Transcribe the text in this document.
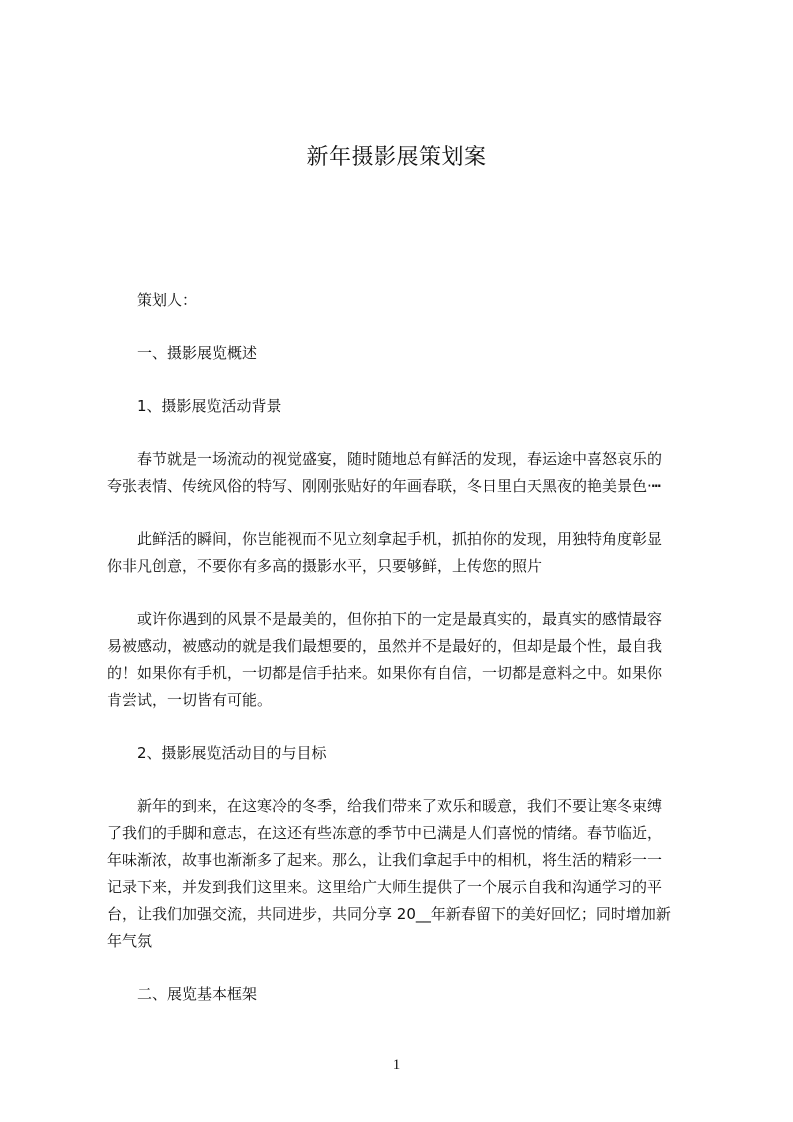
新年摄影展策划案
策划人：
一、摄影展览概述
1、摄影展览活动背景
春节就是一场流动的视觉盛宴，随时随地总有鲜活的发现，春运途中喜怒哀乐的
夸张表情、传统风俗的特写、刚刚张贴好的年画春联，冬日里白天黑夜的艳美景色·┅
此鲜活的瞬间，你岂能视而不见立刻拿起手机，抓拍你的发现，用独特角度彰显
你非凡创意，不要你有多高的摄影水平，只要够鲜，上传您的照片
或许你遇到的风景不是最美的，但你拍下的一定是最真实的，最真实的感情最容
易被感动，被感动的就是我们最想要的，虽然并不是最好的，但却是最个性，最自我
的！如果你有手机，一切都是信手拈来。如果你有自信，一切都是意料之中。如果你
肯尝试，一切皆有可能。
2、摄影展览活动目的与目标
新年的到来，在这寒冷的冬季，给我们带来了欢乐和暖意，我们不要让寒冬束缚
了我们的手脚和意志，在这还有些冻意的季节中已满是人们喜悦的情绪。春节临近，
年味渐浓，故事也渐渐多了起来。那么，让我们拿起手中的相机，将生活的精彩一一
记录下来，并发到我们这里来。这里给广大师生提供了一个展示自我和沟通学习的平
台，让我们加强交流，共同进步，共同分享 20__年新春留下的美好回忆；同时增加新
年气氛
二、展览基本框架
1
